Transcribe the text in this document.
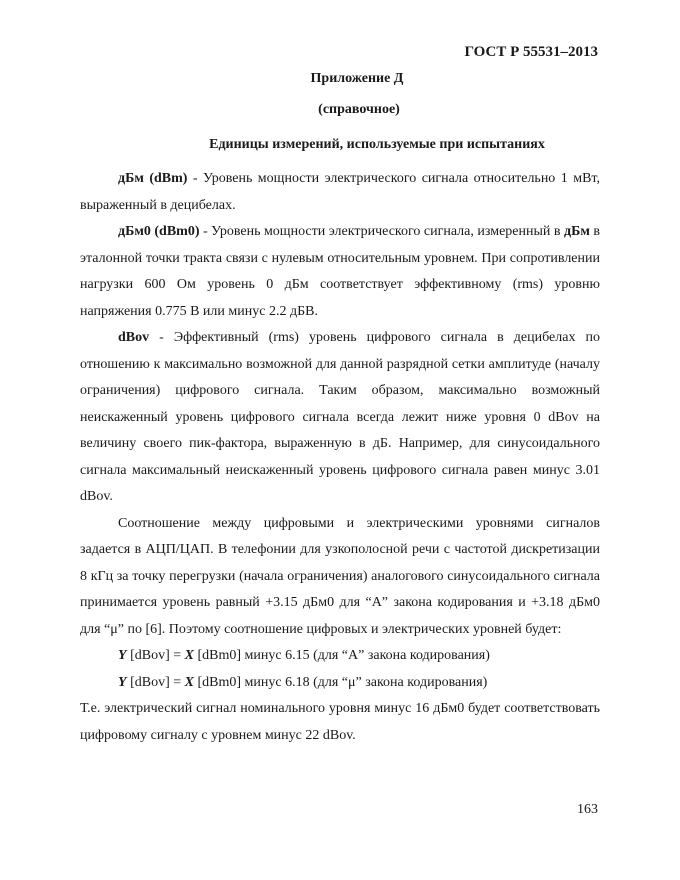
ГОСТ Р 55531–2013
Приложение Д
(справочное)
Единицы измерений, используемые при испытаниях

дБм (dBm) - Уровень мощности электрического сигнала относительно 1 мВт, выраженный в децибелах.

дБм0 (dBm0) - Уровень мощности электрического сигнала, измеренный в дБм в эталонной точки тракта связи с нулевым относительным уровнем. При сопротивлении нагрузки 600 Ом уровень 0 дБм соответствует эффективному (rms) уровню напряжения 0.775 В или минус 2.2 дБВ.

dBov - Эффективный (rms) уровень цифрового сигнала в децибелах по отношению к максимально возможной для данной разрядной сетки амплитуде (началу ограничения) цифрового сигнала. Таким образом, максимально возможный неискаженный уровень цифрового сигнала всегда лежит ниже уровня 0 dBov на величину своего пик-фактора, выраженную в дБ. Например, для синусоидального сигнала максимальный неискаженный уровень цифрового сигнала равен минус 3.01 dBov.

Соотношение между цифровыми и электрическими уровнями сигналов задается в АЦП/ЦАП. В телефонии для узкополосной речи с частотой дискретизации 8 кГц за точку перегрузки (начала ограничения) аналогового синусоидального сигнала принимается уровень равный +3.15 дБм0 для “A” закона кодирования и +3.18 дБм0 для “μ” по [6]. Поэтому соотношение цифровых и электрических уровней будет:

Y [dBov] = X [dBm0] минус 6.15 (для “A” закона кодирования)

Y [dBov] = X [dBm0] минус 6.18 (для “μ” закона кодирования)

Т.е. электрический сигнал номинального уровня минус 16 дБм0 будет соответствовать цифровому сигналу с уровнем минус 22 dBov.

163
